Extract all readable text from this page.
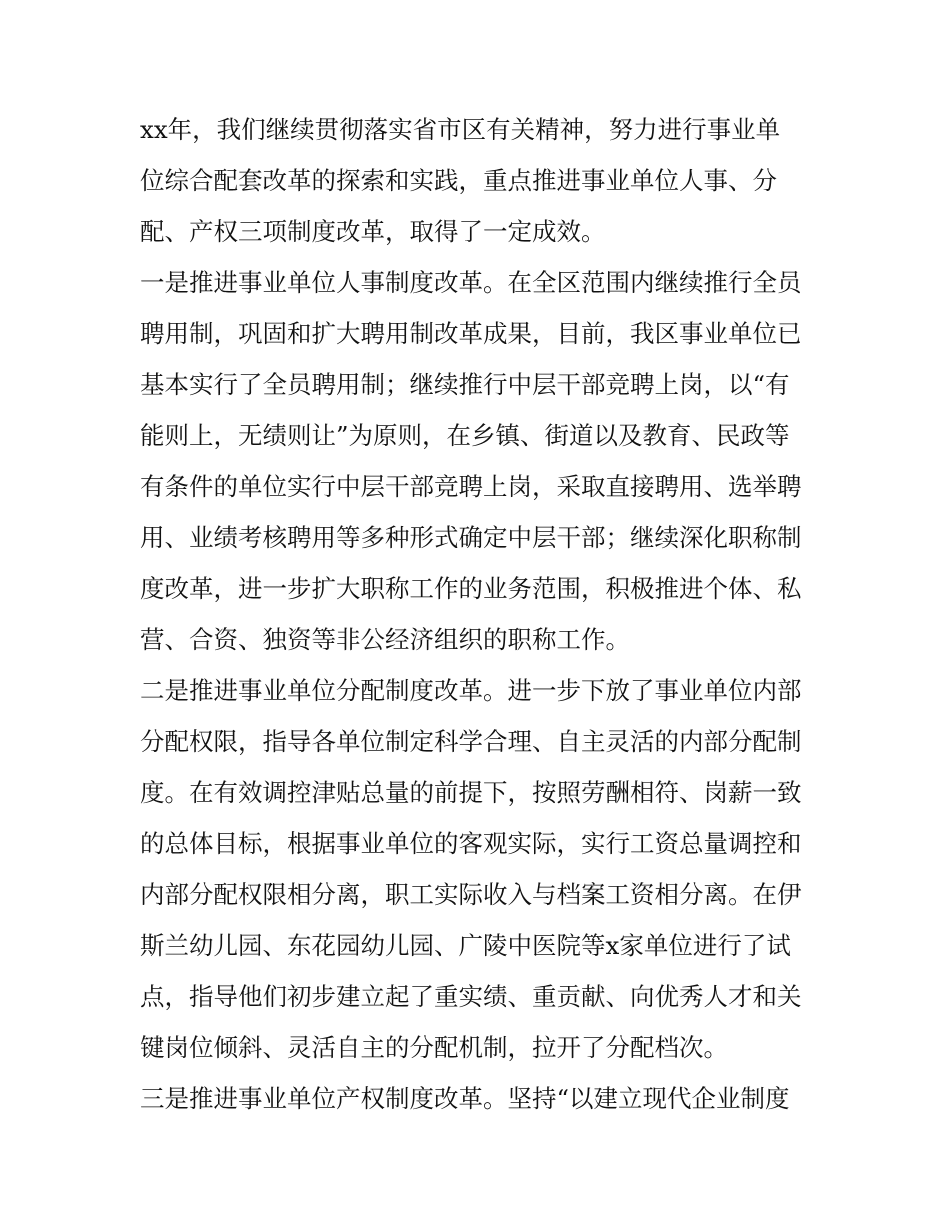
xx年，我们继续贯彻落实省市区有关精神，努力进行事业单
位综合配套改革的探索和实践，重点推进事业单位人事、分
配、产权三项制度改革，取得了一定成效。
一是推进事业单位人事制度改革。在全区范围内继续推行全员
聘用制，巩固和扩大聘用制改革成果，目前，我区事业单位已
基本实行了全员聘用制；继续推行中层干部竞聘上岗，以“有
能则上，无绩则让”为原则，在乡镇、街道以及教育、民政等
有条件的单位实行中层干部竞聘上岗，采取直接聘用、选举聘
用、业绩考核聘用等多种形式确定中层干部；继续深化职称制
度改革，进一步扩大职称工作的业务范围，积极推进个体、私
营、合资、独资等非公经济组织的职称工作。
二是推进事业单位分配制度改革。进一步下放了事业单位内部
分配权限，指导各单位制定科学合理、自主灵活的内部分配制
度。在有效调控津贴总量的前提下，按照劳酬相符、岗薪一致
的总体目标，根据事业单位的客观实际，实行工资总量调控和
内部分配权限相分离，职工实际收入与档案工资相分离。在伊
斯兰幼儿园、东花园幼儿园、广陵中医院等x家单位进行了试
点，指导他们初步建立起了重实绩、重贡献、向优秀人才和关
键岗位倾斜、灵活自主的分配机制，拉开了分配档次。
三是推进事业单位产权制度改革。坚持“以建立现代企业制度
